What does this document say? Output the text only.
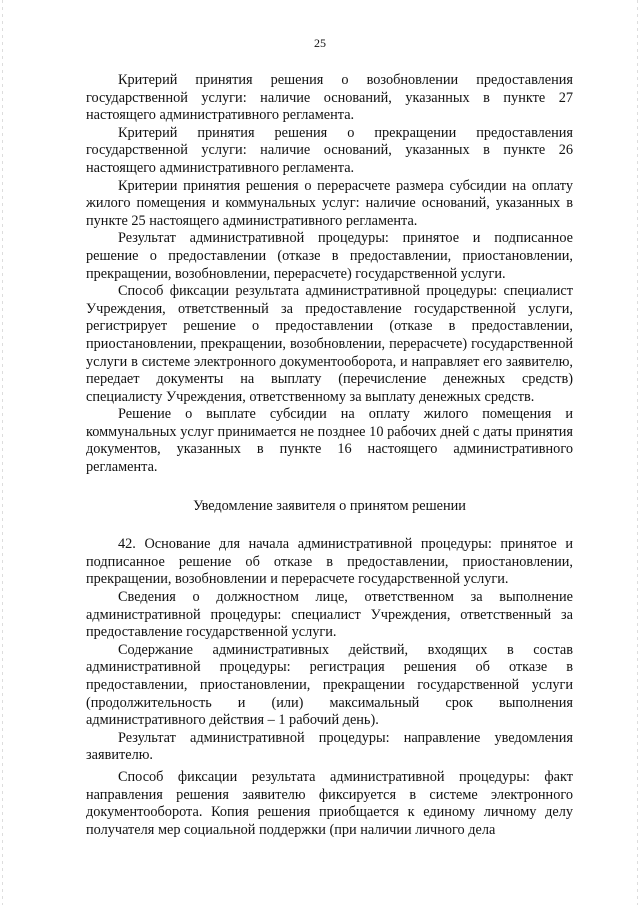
25

Критерий принятия решения о возобновлении предоставления государственной услуги: наличие оснований, указанных в пункте 27 настоящего административного регламента.

Критерий принятия решения о прекращении предоставления государственной услуги: наличие оснований, указанных в пункте 26 настоящего административного регламента.

Критерии принятия решения о перерасчете размера субсидии на оплату жилого помещения и коммунальных услуг: наличие оснований, указанных в пункте 25 настоящего административного регламента.

Результат административной процедуры: принятое и подписанное решение о предоставлении (отказе в предоставлении, приостановлении, прекращении, возобновлении, перерасчете) государственной услуги.

Способ фиксации результата административной процедуры: специалист Учреждения, ответственный за предоставление государственной услуги, регистрирует решение о предоставлении (отказе в предоставлении, приостановлении, прекращении, возобновлении, перерасчете) государственной услуги в системе электронного документооборота, и направляет его заявителю, передает документы на выплату (перечисление денежных средств) специалисту Учреждения, ответственному за выплату денежных средств.

Решение о выплате субсидии на оплату жилого помещения и коммунальных услуг принимается не позднее 10 рабочих дней с даты принятия документов, указанных в пункте 16 настоящего административного регламента.

Уведомление заявителя о принятом решении

42. Основание для начала административной процедуры: принятое и подписанное решение об отказе в предоставлении, приостановлении, прекращении, возобновлении и перерасчете государственной услуги.

Сведения о должностном лице, ответственном за выполнение административной процедуры: специалист Учреждения, ответственный за предоставление государственной услуги.

Содержание административных действий, входящих в состав административной процедуры: регистрация решения об отказе в предоставлении, приостановлении, прекращении государственной услуги (продолжительность и (или) максимальный срок выполнения административного действия – 1 рабочий день).

Результат административной процедуры: направление уведомления заявителю.

Способ фиксации результата административной процедуры: факт направления решения заявителю фиксируется в системе электронного документооборота. Копия решения приобщается к единому личному делу получателя мер социальной поддержки (при наличии личного дела
